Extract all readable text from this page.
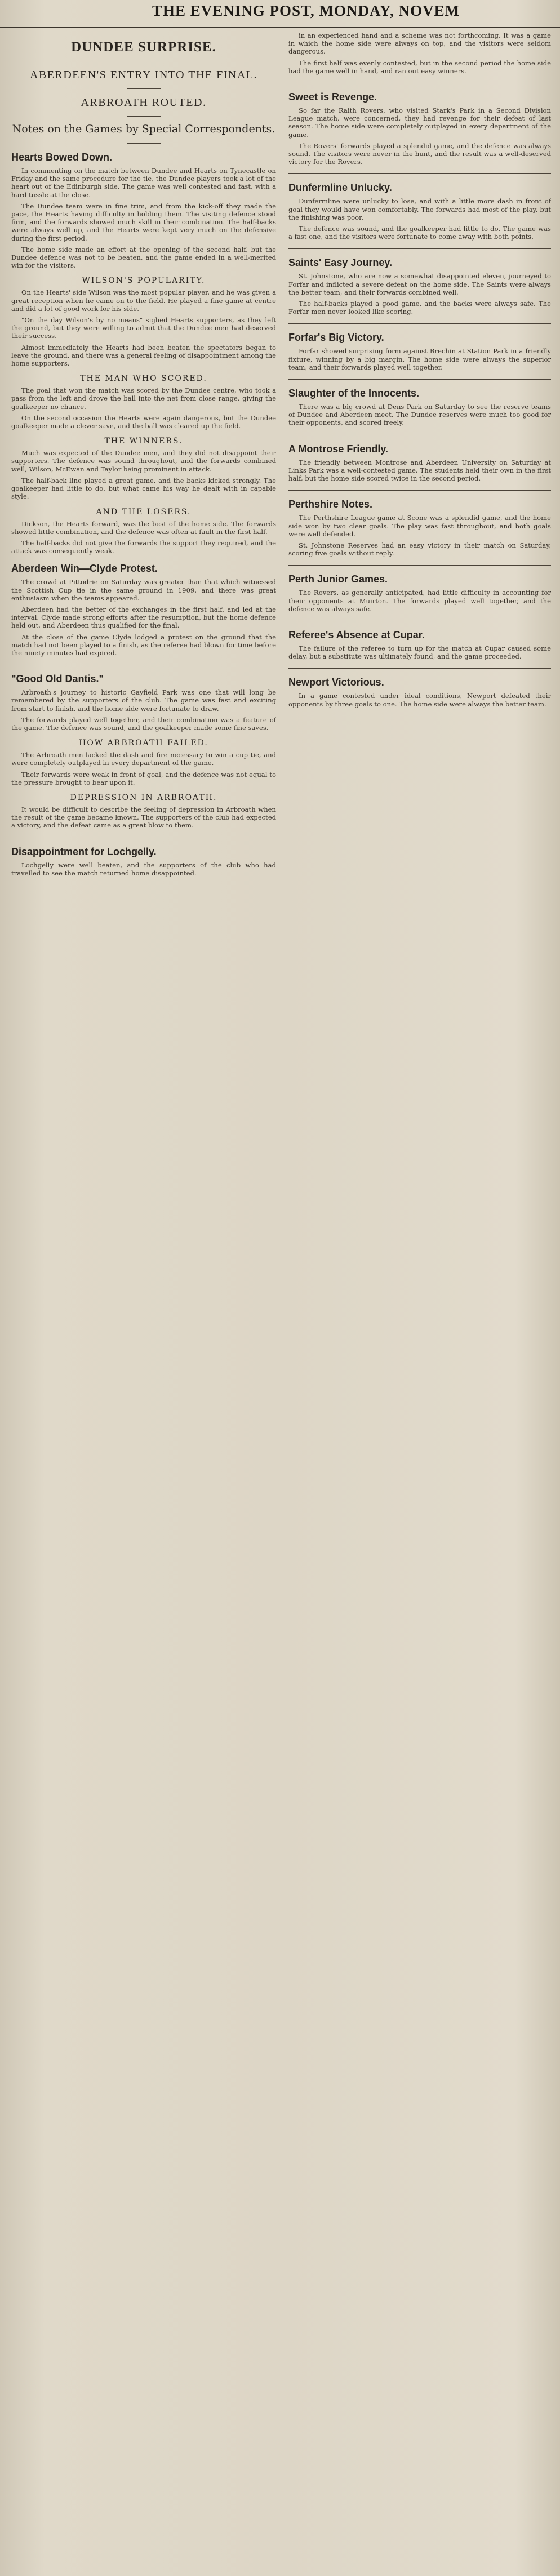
THE EVENING POST, MONDAY, NOVEM
DUNDEE SURPRISE.
ABERDEEN'S ENTRY INTO THE FINAL.
ARBROATH ROUTED.
Notes on the Games by Special Correspondents.
Hearts Bowed Down.

In commenting on the match between Dundee and Hearts on Tynecastle on Friday and the same procedure for the tie, the Dundee players took a lot of the heart out of the Edinburgh side. The game was well contested and fast, with a hard tussle at the close.

The Dundee team were in fine trim, and from the kick-off they made the pace, the Hearts having difficulty in holding them. The visiting defence stood firm, and the forwards showed much skill in their combination. The half-backs were always well up, and the Hearts were kept very much on the defensive during the first period.

The home side made an effort at the opening of the second half, but the Dundee defence was not to be beaten, and the game ended in a well-merited win for the visitors.

WILSON'S POPULARITY.

On the Hearts' side Wilson was the most popular player, and he was given a great reception when he came on to the field. He played a fine game at centre and did a lot of good work for his side.

"On the day Wilson's by no means" sighed Hearts supporters, as they left the ground, but they were willing to admit that the Dundee men had deserved their success.

Almost immediately the Hearts had been beaten the spectators began to leave the ground, and there was a general feeling of disappointment among the home supporters.

THE MAN WHO SCORED.

The goal that won the match was scored by the Dundee centre, who took a pass from the left and drove the ball into the net from close range, giving the goalkeeper no chance.

On the second occasion the Hearts were again dangerous, but the Dundee goalkeeper made a clever save, and the ball was cleared up the field.

THE WINNERS.

Much was expected of the Dundee men, and they did not disappoint their supporters. The defence was sound throughout, and the forwards combined well, Wilson, McEwan and Taylor being prominent in attack.

The half-back line played a great game, and the backs kicked strongly. The goalkeeper had little to do, but what came his way he dealt with in capable style.

AND THE LOSERS.

Dickson, the Hearts forward, was the best of the home side. The forwards showed little combination, and the defence was often at fault in the first half.

The half-backs did not give the forwards the support they required, and the attack was consequently weak.

Aberdeen Win—Clyde Protest.

The crowd at Pittodrie on Saturday was greater than that which witnessed the Scottish Cup tie in the same ground in 1909, and there was great enthusiasm when the teams appeared.

Aberdeen had the better of the exchanges in the first half, and led at the interval. Clyde made strong efforts after the resumption, but the home defence held out, and Aberdeen thus qualified for the final.

At the close of the game Clyde lodged a protest on the ground that the match had not been played to a finish, as the referee had blown for time before the ninety minutes had expired.

"Good Old Dantis."

Arbroath's journey to historic Gayfield Park was one that will long be remembered by the supporters of the club. The game was fast and exciting from start to finish, and the home side were fortunate to draw.

The forwards played well together, and their combination was a feature of the game. The defence was sound, and the goalkeeper made some fine saves.

HOW ARBROATH FAILED.

The Arbroath men lacked the dash and fire necessary to win a cup tie, and were completely outplayed in every department of the game.

Their forwards were weak in front of goal, and the defence was not equal to the pressure brought to bear upon it.

DEPRESSION IN ARBROATH.

It would be difficult to describe the feeling of depression in Arbroath when the result of the game became known. The supporters of the club had expected a victory, and the defeat came as a great blow to them.

Disappointment for Lochgelly.

Lochgelly were well beaten, and the supporters of the club who had travelled to see the match returned home disappointed.

in an experienced hand and a scheme was not forthcoming. It was a game in which the home side were always on top, and the visitors were seldom dangerous.

The first half was evenly contested, but in the second period the home side had the game well in hand, and ran out easy winners.

Sweet is Revenge.

So far the Raith Rovers, who visited Stark's Park in a Second Division League match, were concerned, they had revenge for their defeat of last season. The home side were completely outplayed in every department of the game.

The Rovers' forwards played a splendid game, and the defence was always sound. The visitors were never in the hunt, and the result was a well-deserved victory for the Rovers.

Dunfermline Unlucky.

Dunfermline were unlucky to lose, and with a little more dash in front of goal they would have won comfortably. The forwards had most of the play, but the finishing was poor.

The defence was sound, and the goalkeeper had little to do. The game was a fast one, and the visitors were fortunate to come away with both points.

Saints' Easy Journey.

St. Johnstone, who are now a somewhat disappointed eleven, journeyed to Forfar and inflicted a severe defeat on the home side. The Saints were always the better team, and their forwards combined well.

The half-backs played a good game, and the backs were always safe. The Forfar men never looked like scoring.

Forfar's Big Victory.

Forfar showed surprising form against Brechin at Station Park in a friendly fixture, winning by a big margin. The home side were always the superior team, and their forwards played well together.

Slaughter of the Innocents.

There was a big crowd at Dens Park on Saturday to see the reserve teams of Dundee and Aberdeen meet. The Dundee reserves were much too good for their opponents, and scored freely.

A Montrose Friendly.

The friendly between Montrose and Aberdeen University on Saturday at Links Park was a well-contested game. The students held their own in the first half, but the home side scored twice in the second period.

Perthshire Notes.

The Perthshire League game at Scone was a splendid game, and the home side won by two clear goals. The play was fast throughout, and both goals were well defended.

St. Johnstone Reserves had an easy victory in their match on Saturday, scoring five goals without reply.

Perth Junior Games.

The Rovers, as generally anticipated, had little difficulty in accounting for their opponents at Muirton. The forwards played well together, and the defence was always safe.

Referee's Absence at Cupar.

The failure of the referee to turn up for the match at Cupar caused some delay, but a substitute was ultimately found, and the game proceeded.

Newport Victorious.

In a game contested under ideal conditions, Newport defeated their opponents by three goals to one. The home side were always the better team.
